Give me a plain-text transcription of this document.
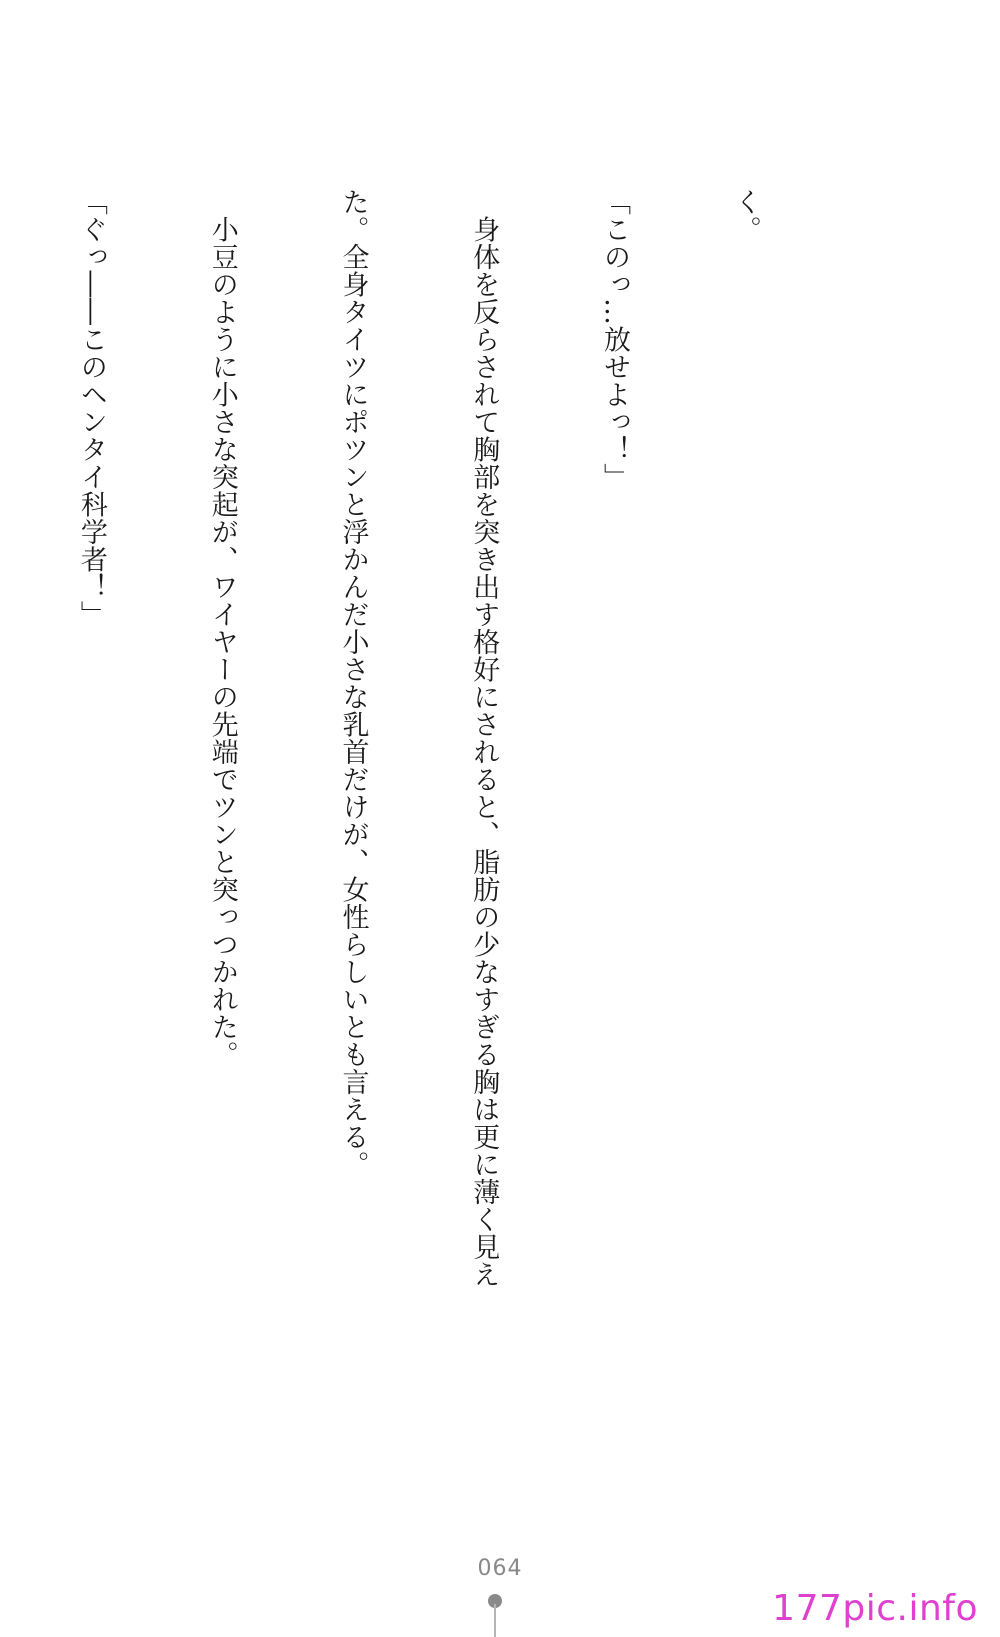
く。

「このっ…放せよっ！」

　身体を反らされて胸部を突き出す格好にされると、脂肪の少なすぎる胸は更に薄く見え

た。全身タイツにポツンと浮かんだ小さな乳首だけが、女性らしいとも言える。

　小豆のように小さな突起が、ワイヤーの先端でツンと突っつかれた。

「ぐっ――このヘンタイ科学者！」

064
177pic.info
